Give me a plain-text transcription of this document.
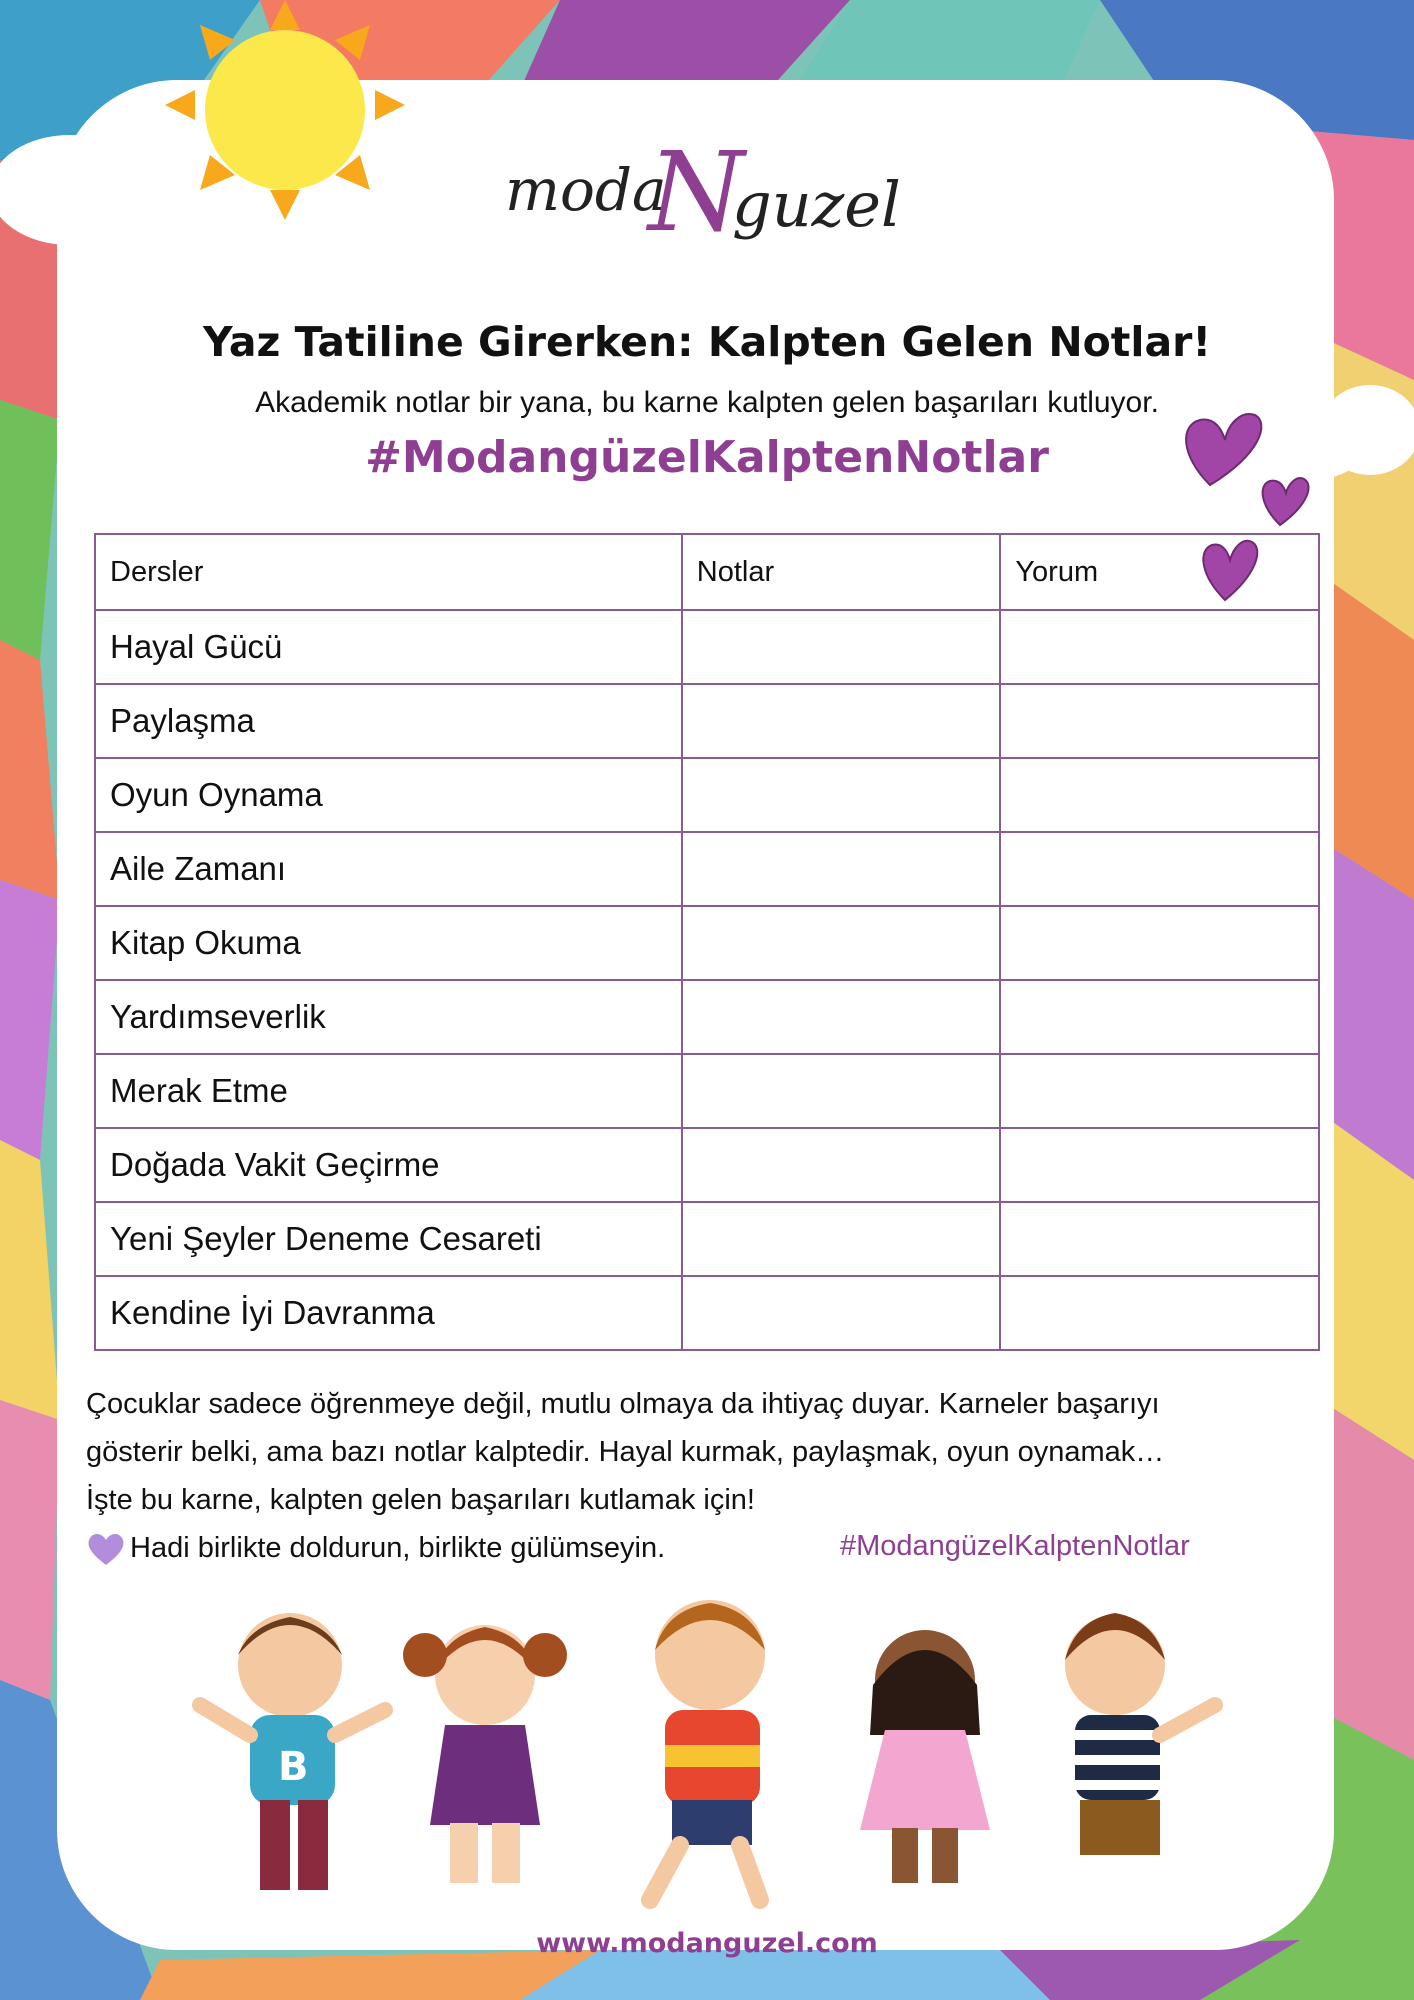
moda
N
guzel
Yaz Tatiline Girerken: Kalpten Gelen Notlar!
Akademik notlar bir yana, bu karne kalpten gelen başarıları kutluyor.
#ModangüzelKalptenNotlar
Dersler	Notlar	Yorum
Hayal Gücü		
Paylaşma		
Oyun Oynama		
Aile Zamanı		
Kitap Okuma		
Yardımseverlik		
Merak Etme		
Doğada Vakit Geçirme		
Yeni Şeyler Deneme Cesareti		
Kendine İyi Davranma		
Çocuklar sadece öğrenmeye değil, mutlu olmaya da ihtiyaç duyar. Karneler başarıyı
gösterir belki, ama bazı notlar kalptedir. Hayal kurmak, paylaşmak, oyun oynamak…
İşte bu karne, kalpten gelen başarıları kutlamak için!
Hadi birlikte doldurun, birlikte gülümseyin.	#ModangüzelKalptenNotlar
B
www.modanguzel.com
